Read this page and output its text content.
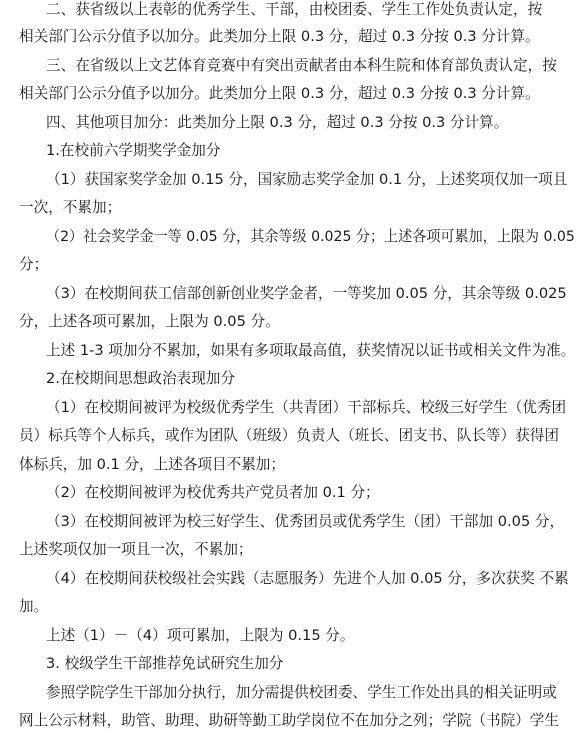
二、获省级以上表彰的优秀学生、干部，由校团委、学生工作处负责认定，按
相关部门公示分值予以加分。此类加分上限 0.3 分，超过 0.3 分按 0.3 分计算。
三、在省级以上文艺体育竞赛中有突出贡献者由本科生院和体育部负责认定，按
相关部门公示分值予以加分。此类加分上限 0.3 分，超过 0.3 分按 0.3 分计算。
四、其他项目加分：此类加分上限 0.3 分，超过 0.3 分按 0.3 分计算。
1.在校前六学期奖学金加分
（1）获国家奖学金加 0.15 分，国家励志奖学金加 0.1 分，上述奖项仅加一项且
一次，不累加；
（2）社会奖学金一等 0.05 分，其余等级 0.025 分；上述各项可累加，上限为 0.05
分；
（3）在校期间获工信部创新创业奖学金者，一等奖加 0.05 分，其余等级 0.025
分，上述各项可累加，上限为 0.05 分。
上述 1-3 项加分不累加，如果有多项取最高值，获奖情况以证书或相关文件为准。
2.在校期间思想政治表现加分
（1）在校期间被评为校级优秀学生（共青团）干部标兵、校级三好学生（优秀团
员）标兵等个人标兵，或作为团队（班级）负责人（班长、团支书、队长等）获得团
体标兵，加 0.1 分，上述各项目不累加；
（2）在校期间被评为校优秀共产党员者加 0.1 分；
（3）在校期间被评为校三好学生、优秀团员或优秀学生（团）干部加 0.05 分，
上述奖项仅加一项且一次，不累加；
（4）在校期间获校级社会实践（志愿服务）先进个人加 0.05 分，多次获奖 不累
加。
上述（1）－（4）项可累加，上限为 0.15 分。
3. 校级学生干部推荐免试研究生加分
参照学院学生干部加分执行，加分需提供校团委、学生工作处出具的相关证明或
网上公示材料，助管、助理、助研等勤工助学岗位不在加分之列；学院（书院）学生
